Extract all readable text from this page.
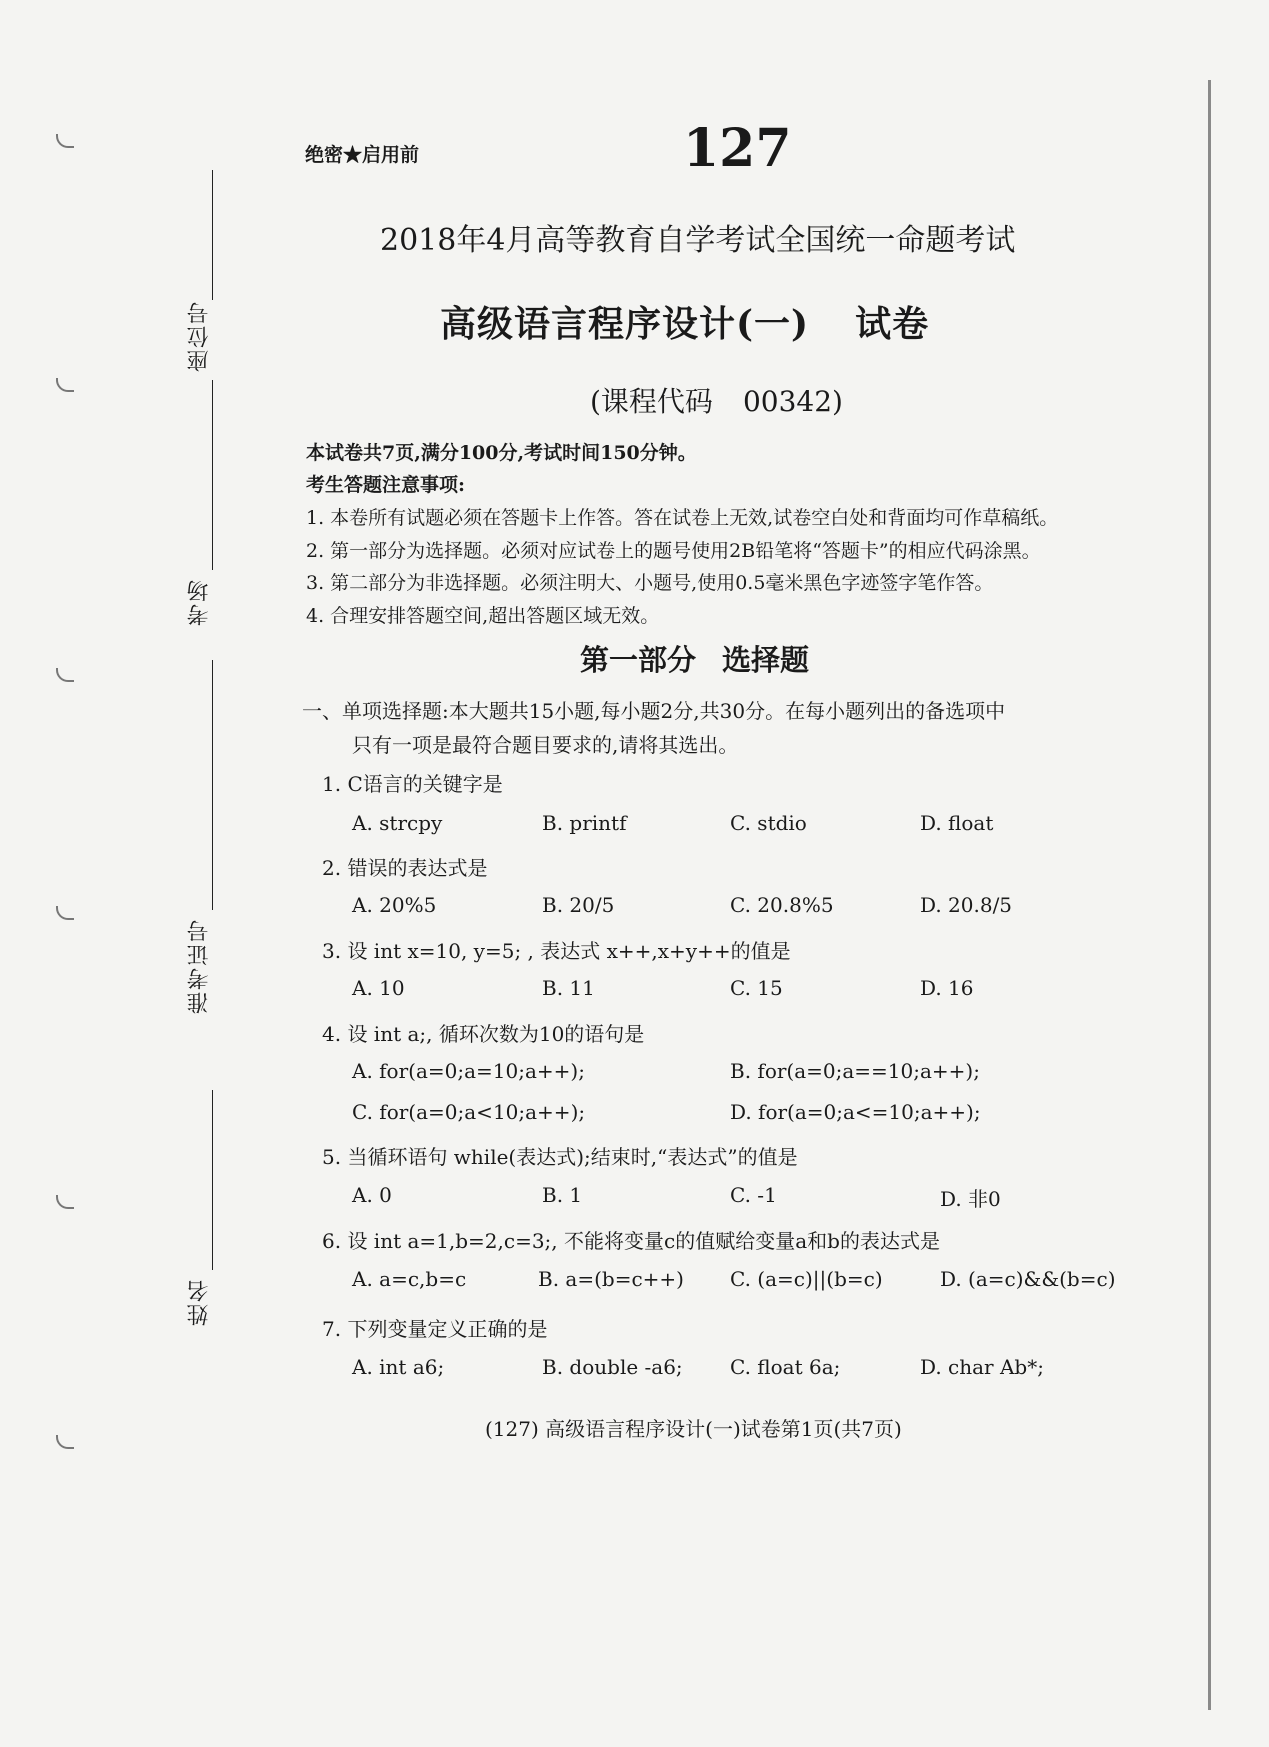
座位号
考场
准考证号
姓名
127
绝密★启用前
2018年4月高等教育自学考试全国统一命题考试
高级语言程序设计(一) 试卷
(课程代码 00342)
本试卷共7页,满分100分,考试时间150分钟。
考生答题注意事项:
1. 本卷所有试题必须在答题卡上作答。答在试卷上无效,试卷空白处和背面均可作草稿纸。
2. 第一部分为选择题。必须对应试卷上的题号使用2B铅笔将“答题卡”的相应代码涂黑。
3. 第二部分为非选择题。必须注明大、小题号,使用0.5毫米黑色字迹签字笔作答。
4. 合理安排答题空间,超出答题区域无效。
第一部分 选择题
一、单项选择题:本大题共15小题,每小题2分,共30分。在每小题列出的备选项中
只有一项是最符合题目要求的,请将其选出。
1. C语言的关键字是
A. strcpy	B. printf	C. stdio	D. float
2. 错误的表达式是
A. 20%5	B. 20/5	C. 20.8%5	D. 20.8/5
3. 设 int x=10, y=5; , 表达式 x++,x+y++的值是
A. 10	B. 11	C. 15	D. 16
4. 设 int a;, 循环次数为10的语句是
A. for(a=0;a=10;a++);	B. for(a=0;a==10;a++);
C. for(a=0;a<10;a++);	D. for(a=0;a<=10;a++);
5. 当循环语句 while(表达式);结束时,“表达式”的值是
A. 0	B. 1	C. -1	D. 非0
6. 设 int a=1,b=2,c=3;, 不能将变量c的值赋给变量a和b的表达式是
A. a=c,b=c	B. a=(b=c++) C. (a=c)||(b=c)	D. (a=c)&&(b=c)
7. 下列变量定义正确的是
A. int a6;	B. double -a6; C. float 6a;	D. char Ab*;
(127) 高级语言程序设计(一)试卷第1页(共7页)
